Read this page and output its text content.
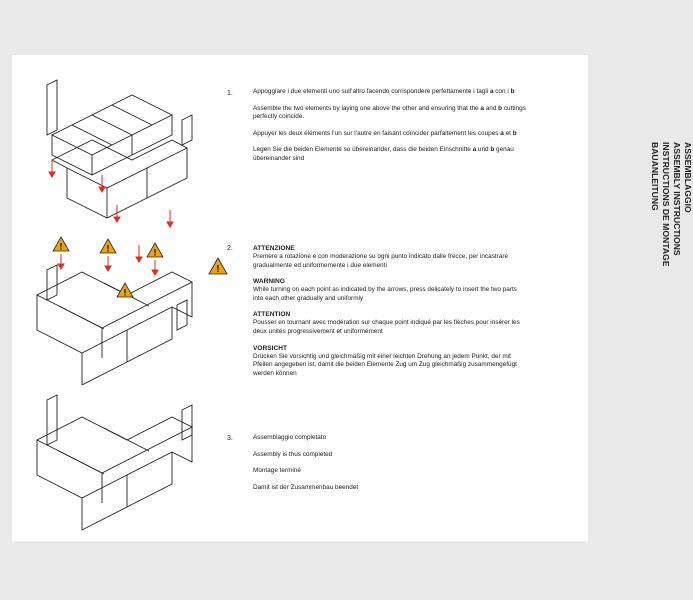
!	!	!
!
1.	Appoggiare i due elementi uno sull’altro facendo corrispondere perfettamente i tagli a con i b

Assemble the two elements by laying one above the other and ensuring that the a and b cuttings perfectly coincide.

Appuyer les deux éléments l’un sur l’autre en faisant coïncider parfaitement les coupes a et b

Legen Sie die beiden Elemente so übereinander, dass die beiden Einschnitte a und b genau übereinander sind

2.
!
ATTENZIONE
Premere a rotazione e con moderazione su ogni punto indicato dalle frecce, per incastrare gradualmente ed uniformemente i due elementi
WARNING
While turning on each point as indicated by the arrows, press delicately to insert the two parts into each other gradually and uniformly
ATTENTION
Pousser en tournant avec modération sur chaque point indiqué par les flèches pour insérer les deux unités progressivement et uniformément
VORSICHT
Drücken Sie vorsichtig und gleichmäßig mit einer leichten Drehung an jedem Punkt, der mit Pfeilen angegeben ist, damit die beiden Elemente Zug um Zug gleichmäßig zusammengefügt werden können
3.	Assemblaggio completato

Assembly is thus completed

Montage terminé

Damit ist der Zusammenbau beendet

ASSEMBLAGGIO
ASSEMBLY INSTRUCTIONS
INSTRUCTIONS DE MONTAGE
BAUANLEITUNG
